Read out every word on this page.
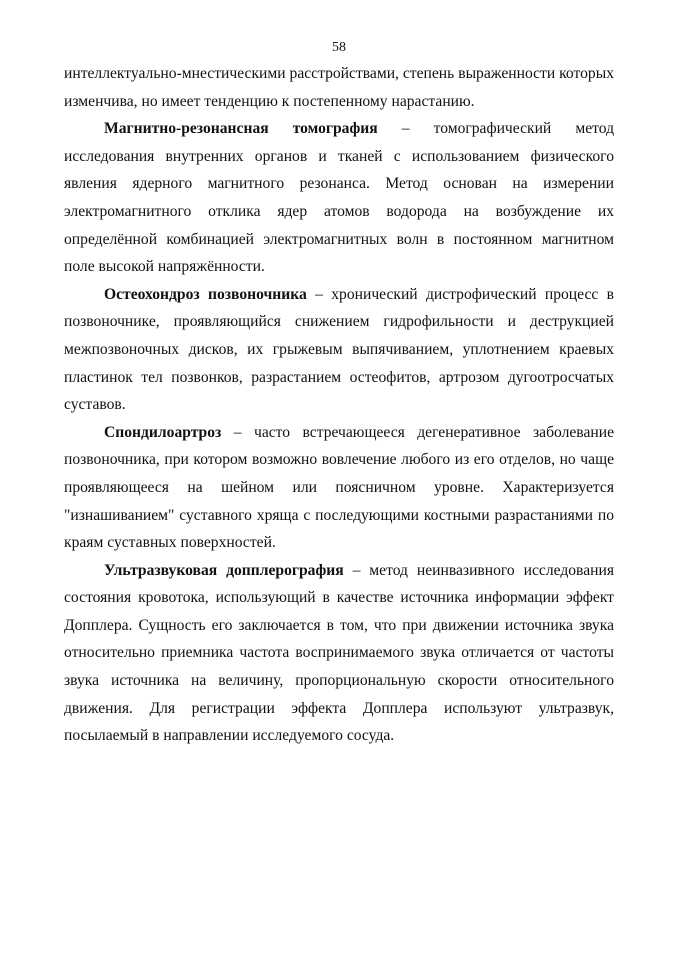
58

интеллектуально-мнестическими расстройствами, степень выраженности которых изменчива, но имеет тенденцию к постепенному нарастанию.

Магнитно-резонансная томография – томографический метод исследования внутренних органов и тканей с использованием физического явления ядерного магнитного резонанса. Метод основан на измерении электромагнитного отклика ядер атомов водорода на возбуждение их определённой комбинацией электромагнитных волн в постоянном магнитном поле высокой напряжённости.

Остеохондроз позвоночника – хронический дистрофический процесс в позвоночнике, проявляющийся снижением гидрофильности и деструкцией межпозвоночных дисков, их грыжевым выпячиванием, уплотнением краевых пластинок тел позвонков, разрастанием остеофитов, артрозом дугоотросчатых суставов.

Спондилоартроз – часто встречающееся дегенеративное заболевание позвоночника, при котором возможно вовлечение любого из его отделов, но чаще проявляющееся на шейном или поясничном уровне. Характеризуется "изнашиванием" суставного хряща с последующими костными разрастаниями по краям суставных поверхностей.

Ультразвуковая допплерография – метод неинвазивного исследования состояния кровотока, использующий в качестве источника информации эффект Допплера. Сущность его заключается в том, что при движении источника звука относительно приемника частота воспринимаемого звука отличается от частоты звука источника на величину, пропорциональную скорости относительного движения. Для регистрации эффекта Допплера используют ультразвук, посылаемый в направлении исследуемого сосуда.
